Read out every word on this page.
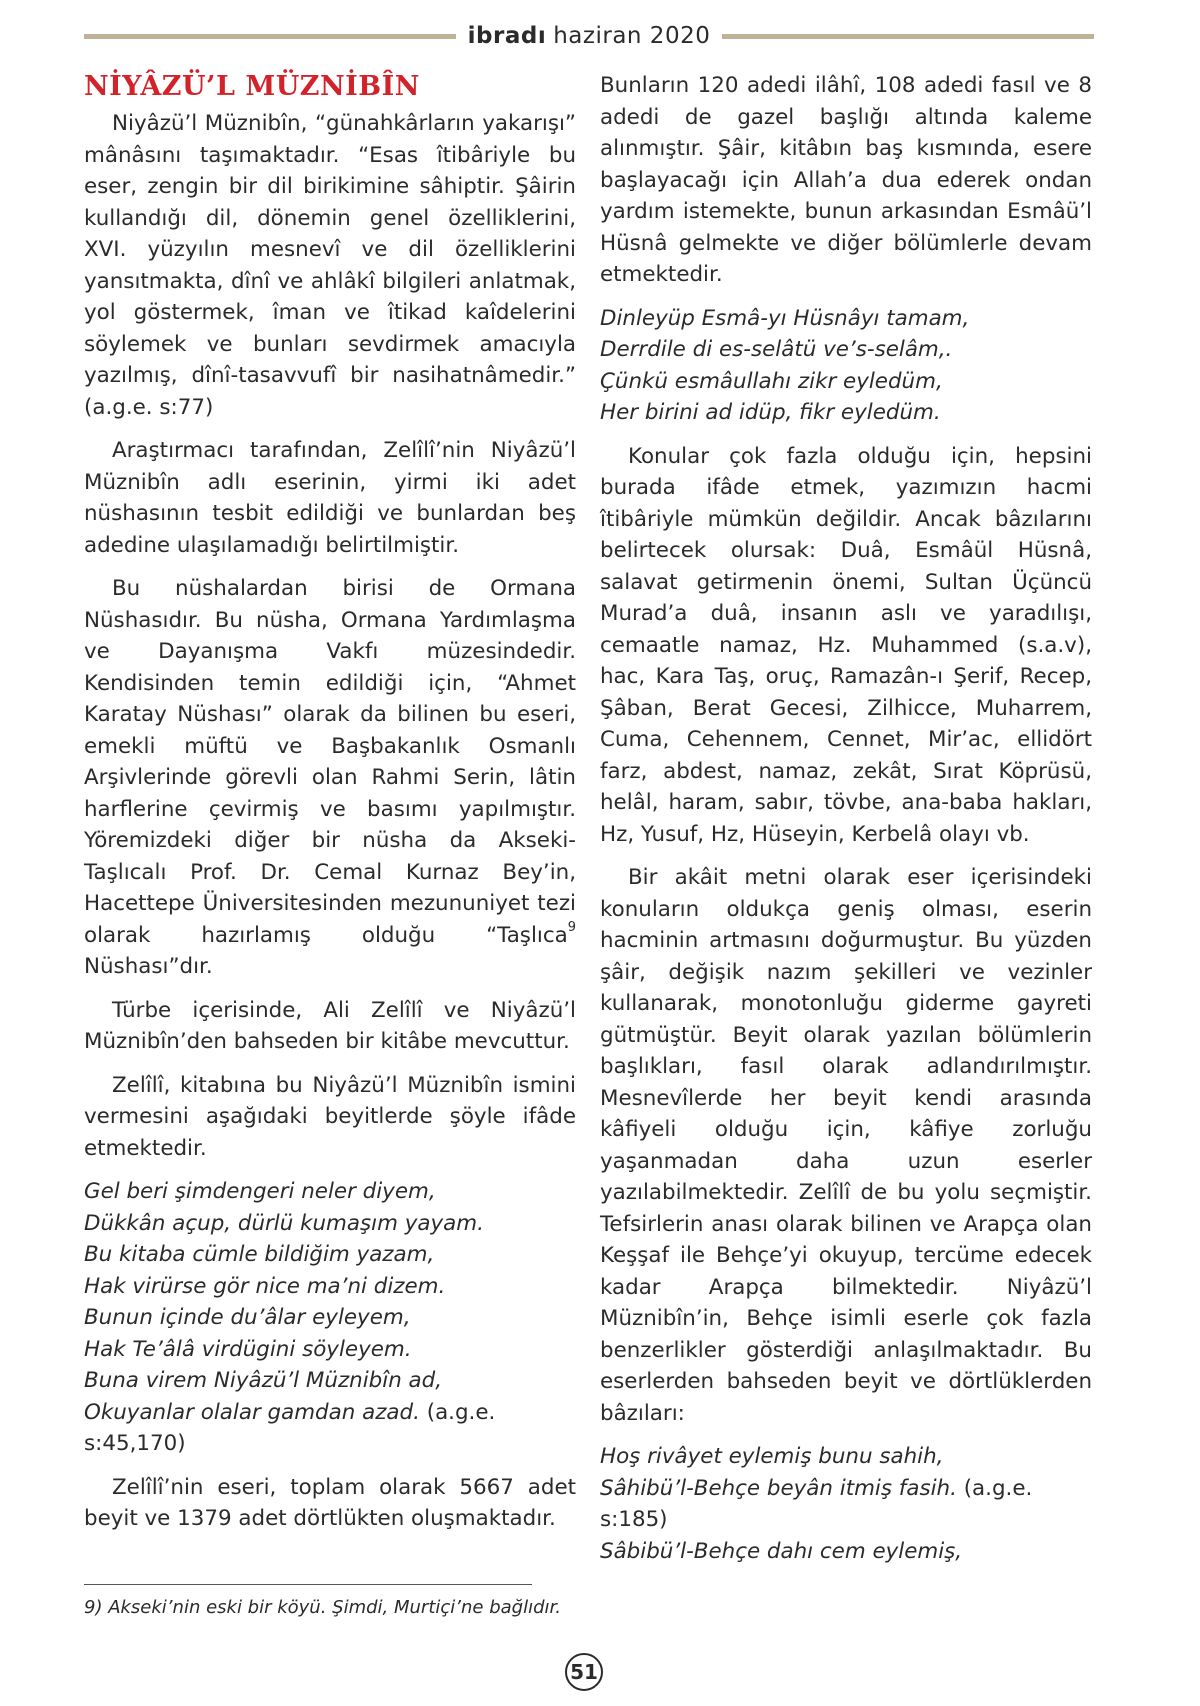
ibradı haziran 2020
NİYÂZÜ’L MÜZNİBÎN

Niyâzü’l Müznibîn, “günahkârların yakarışı” mânâsını taşımaktadır. “Esas îtibâriyle bu eser, zengin bir dil birikimine sâhiptir. Şâirin kullandığı dil, dönemin genel özelliklerini, XVI. yüzyılın mesnevî ve dil özelliklerini yansıtmakta, dînî ve ahlâkî bilgileri anlatmak, yol göstermek, îman ve îtikad kaîdelerini söylemek ve bunları sevdirmek amacıyla yazılmış, dînî-tasavvufî bir nasihatnâmedir.” (a.g.e. s:77)

Araştırmacı tarafından, Zelîlî’nin Niyâzü’l Müznibîn adlı eserinin, yirmi iki adet nüshasının tesbit edildiği ve bunlardan beş adedine ulaşılamadığı belirtilmiştir.

Bu nüshalardan birisi de Ormana Nüshasıdır. Bu nüsha, Ormana Yardımlaşma ve Dayanışma Vakfı müzesindedir. Kendisinden temin edildiği için, “Ahmet Karatay Nüshası” olarak da bilinen bu eseri, emekli müftü ve Başbakanlık Osmanlı Arşivlerinde görevli olan Rahmi Serin, lâtin harflerine çevirmiş ve basımı yapılmıştır. Yöremizdeki diğer bir nüsha da Akseki-Taşlıcalı Prof. Dr. Cemal Kurnaz Bey’in, Hacettepe Üniversitesinden mezununiyet tezi olarak hazırlamış olduğu “Taşlıca$^9$ Nüshası”dır.

Türbe içerisinde, Ali Zelîlî ve Niyâzü’l Müznibîn’den bahseden bir kitâbe mevcuttur.

Zelîlî, kitabına bu Niyâzü’l Müznibîn ismini vermesini aşağıdaki beyitlerde şöyle ifâde etmektedir.

Gel beri şimdengeri neler diyem,
Dükkân açup, dürlü kumaşım yayam.
Bu kitaba cümle bildiğim yazam,
Hak virürse gör nice ma’ni dizem.
Bunun içinde du’âlar eyleyem,
Hak Te’âlâ virdügini söyleyem.
Buna virem Niyâzü’l Müznibîn ad,
Okuyanlar olalar gamdan azad. (a.g.e.
s:45,170)

Zelîlî’nin eseri, toplam olarak 5667 adet beyit ve 1379 adet dörtlükten oluşmaktadır.

Bunların 120 adedi ilâhî, 108 adedi fasıl ve 8 adedi de gazel başlığı altında kaleme alınmıştır. Şâir, kitâbın baş kısmında, esere başlayacağı için Allah’a dua ederek ondan yardım istemekte, bunun arkasından Esmâü’l Hüsnâ gelmekte ve diğer bölümlerle devam etmektedir.

Dinleyüp Esmâ-yı Hüsnâyı tamam,
Derrdile di es-selâtü ve’s-selâm,.
Çünkü esmâullahı zikr eyledüm,
Her birini ad idüp, fikr eyledüm.

Konular çok fazla olduğu için, hepsini burada ifâde etmek, yazımızın hacmi îtibâriyle mümkün değildir. Ancak bâzılarını belirtecek olursak: Duâ, Esmâül Hüsnâ, salavat getirmenin önemi, Sultan Üçüncü Murad’a duâ, insanın aslı ve yaradılışı, cemaatle namaz, Hz. Muhammed (s.a.v), hac, Kara Taş, oruç, Ramazân-ı Şerif, Recep, Şâban, Berat Gecesi, Zilhicce, Muharrem, Cuma, Cehennem, Cennet, Mir’ac, ellidört farz, abdest, namaz, zekât, Sırat Köprüsü, helâl, haram, sabır, tövbe, ana-baba hakları, Hz, Yusuf, Hz, Hüseyin, Kerbelâ olayı vb.

Bir akâit metni olarak eser içerisindeki konuların oldukça geniş olması, eserin hacminin artmasını doğurmuştur. Bu yüzden şâir, değişik nazım şekilleri ve vezinler kullanarak, monotonluğu giderme gayreti gütmüştür. Beyit olarak yazılan bölümlerin başlıkları, fasıl olarak adlandırılmıştır. Mesnevîlerde her beyit kendi arasında kâfiyeli olduğu için, kâfiye zorluğu yaşanmadan daha uzun eserler yazılabilmektedir. Zelîlî de bu yolu seçmiştir. Tefsirlerin anası olarak bilinen ve Arapça olan Keşşaf ile Behçe’yi okuyup, tercüme edecek kadar Arapça bilmektedir. Niyâzü’l Müznibîn’in, Behçe isimli eserle çok fazla benzerlikler gösterdiği anlaşılmaktadır. Bu eserlerden bahseden beyit ve dörtlüklerden bâzıları:

Hoş rivâyet eylemiş bunu sahih,
Sâhibü’l-Behçe beyân itmiş fasih. (a.g.e.
s:185)
Sâbibü’l-Behçe dahı cem eylemiş,
9) Akseki’nin eski bir köyü. Şimdi, Murtiçi’ne bağlıdır.
51
